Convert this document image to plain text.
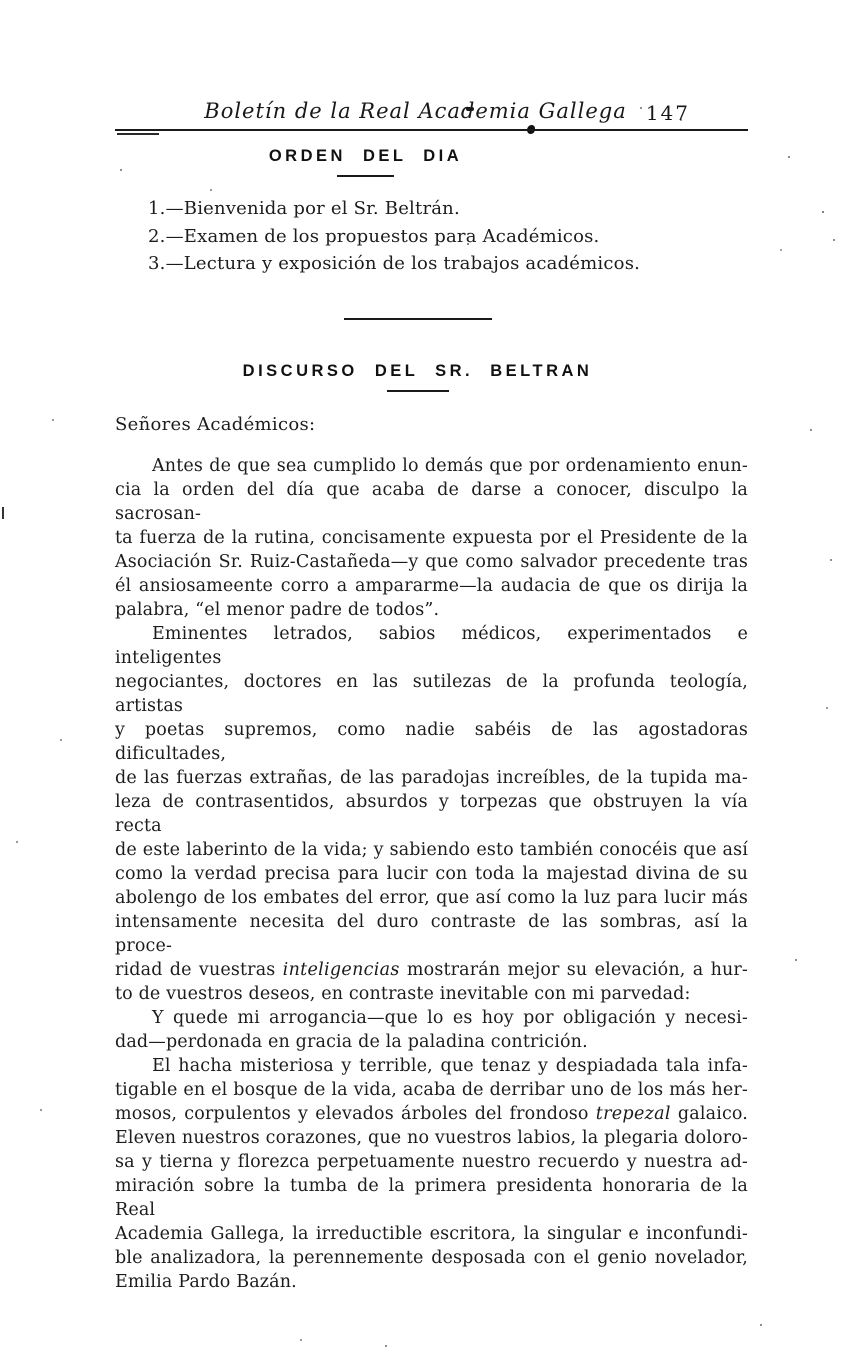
Boletín de la Real Academia Gallega 147
ORDEN DEL DIA
1.—Bienvenida por el Sr. Beltrán.
2.—Examen de los propuestos para Académicos.
3.—Lectura y exposición de los trabajos académicos.
DISCURSO DEL SR. BELTRAN

Señores Académicos:

Antes de que sea cumplido lo demás que por ordenamiento enun-
cia la orden del día que acaba de darse a conocer, disculpo la sacrosan-
ta fuerza de la rutina, concisamente expuesta por el Presidente de la
Asociación Sr. Ruiz-Castañeda—y que como salvador precedente tras
él ansiosameente corro a ampararme—la audacia de que os dirija la
palabra, “el menor padre de todos”.
Eminentes letrados, sabios médicos, experimentados e inteligentes
negociantes, doctores en las sutilezas de la profunda teología, artistas
y poetas supremos, como nadie sabéis de las agostadoras dificultades,
de las fuerzas extrañas, de las paradojas increíbles, de la tupida ma-
leza de contrasentidos, absurdos y torpezas que obstruyen la vía recta
de este laberinto de la vida; y sabiendo esto también conocéis que así
como la verdad precisa para lucir con toda la majestad divina de su
abolengo de los embates del error, que así como la luz para lucir más
intensamente necesita del duro contraste de las sombras, así la proce-
ridad de vuestras inteligencias mostrarán mejor su elevación, a hur-
to de vuestros deseos, en contraste inevitable con mi parvedad:
Y quede mi arrogancia—que lo es hoy por obligación y necesi-
dad—perdonada en gracia de la paladina contrición.
El hacha misteriosa y terrible, que tenaz y despiadada tala infa-
tigable en el bosque de la vida, acaba de derribar uno de los más her-
mosos, corpulentos y elevados árboles del frondoso trepezal galaico.
Eleven nuestros corazones, que no vuestros labios, la plegaria doloro-
sa y tierna y florezca perpetuamente nuestro recuerdo y nuestra ad-
miración sobre la tumba de la primera presidenta honoraria de la Real
Academia Gallega, la irreductible escritora, la singular e inconfundi-
ble analizadora, la perennemente desposada con el genio novelador,
Emilia Pardo Bazán.
